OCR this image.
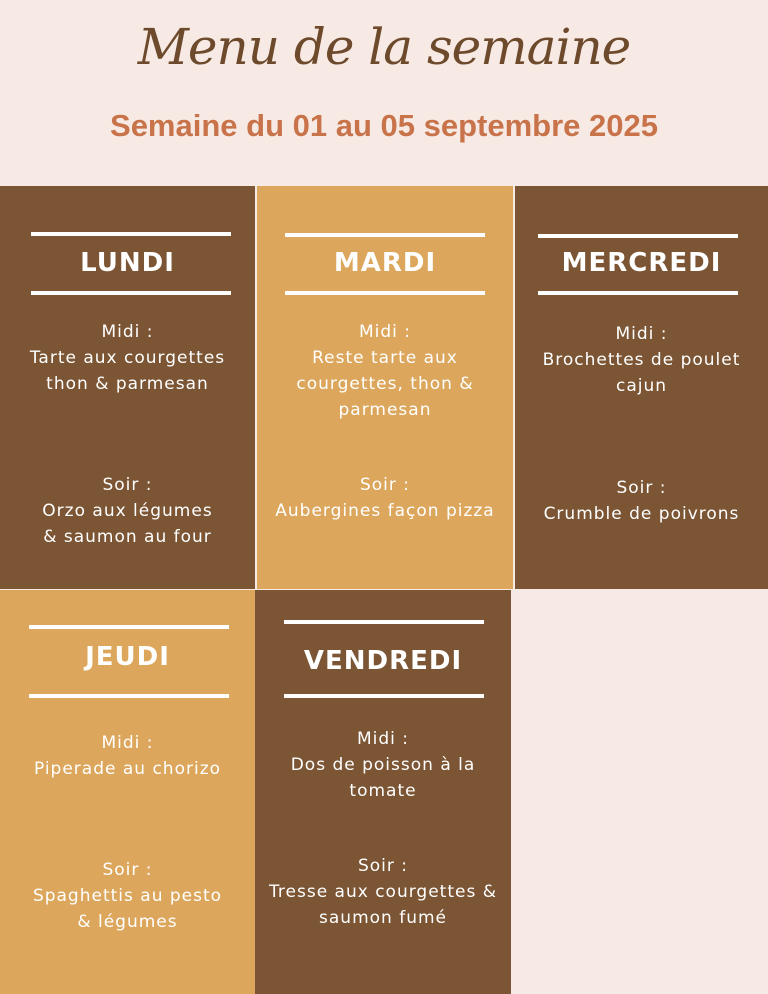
Menu de la semaine
Semaine du 01 au 05 septembre 2025
LUNDI
Midi :
Tarte aux courgettes
thon & parmesan
Soir :
Orzo aux légumes
& saumon au four
MARDI
Midi :
Reste tarte aux
courgettes, thon &
parmesan
Soir :
Aubergines façon pizza
MERCREDI
Midi :
Brochettes de poulet
cajun
Soir :
Crumble de poivrons
JEUDI
Midi :
Piperade au chorizo
Soir :
Spaghettis au pesto
& légumes
VENDREDI
Midi :
Dos de poisson à la
tomate
Soir :
Tresse aux courgettes &
saumon fumé
